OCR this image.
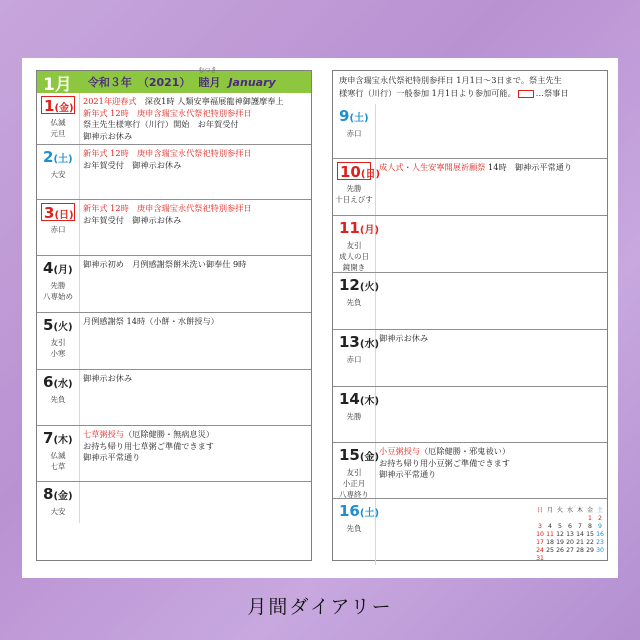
1月	令和３年 （2021）
むつき
睦月 January
1(金)
仏滅
元旦
2021年迎春式　深夜1時 人類安寧福展龍神御護摩奉上
新年式 12時　庚申含瑞宝永代祭祀特別参拝日
祭主先生様寒行（川行）開始　お年賀受付
御神示お休み
2(土)
大安
新年式 12時　庚申含瑞宝永代祭祀特別参拝日
お年賀受付　御神示お休み
3(日)
赤口
新年式 12時　庚申含瑞宝永代祭祀特別参拝日
お年賀受付　御神示お休み
4(月)
先勝
八専始め
御神示初め　月例感謝祭餅米洗い御奉仕 9時
5(火)
友引
小寒
月例感謝祭 14時（小餅・水餅授与）
6(水)
先負
御神示お休み
7(木)
仏滅
七草
七草粥授与（厄除健勝・無病息災）
お持ち帰り用七草粥ご準備できます
御神示平常通り
8(金)
大安
庚申含瑞宝永代祭祀特別参拝日 1月1日～3日まで。祭主先生
様寒行（川行）一般参加 1月1日より参加可能。 …祭事日
9(土)
赤口
10(日)
先勝
十日えびす
成人式・人生安寧開展祈願祭 14時　御神示平常通り
11(月)
友引
成人の日
鏡開き
12(火)
先負
13(水)
赤口
御神示お休み
14(木)
先勝
15(金)
友引
小正月
八専終り
小豆粥授与（厄除健勝・邪鬼祓い）
お持ち帰り用小豆粥ご準備できます
御神示平常通り
16(土)
先負
日	月	火	水	木	金	土
					1	2
3	4	5	6	7	8	9
10	11	12	13	14	15	16
17	18	19	20	21	22	23
24	25	26	27	28	29	30
31						
月間ダイアリー
